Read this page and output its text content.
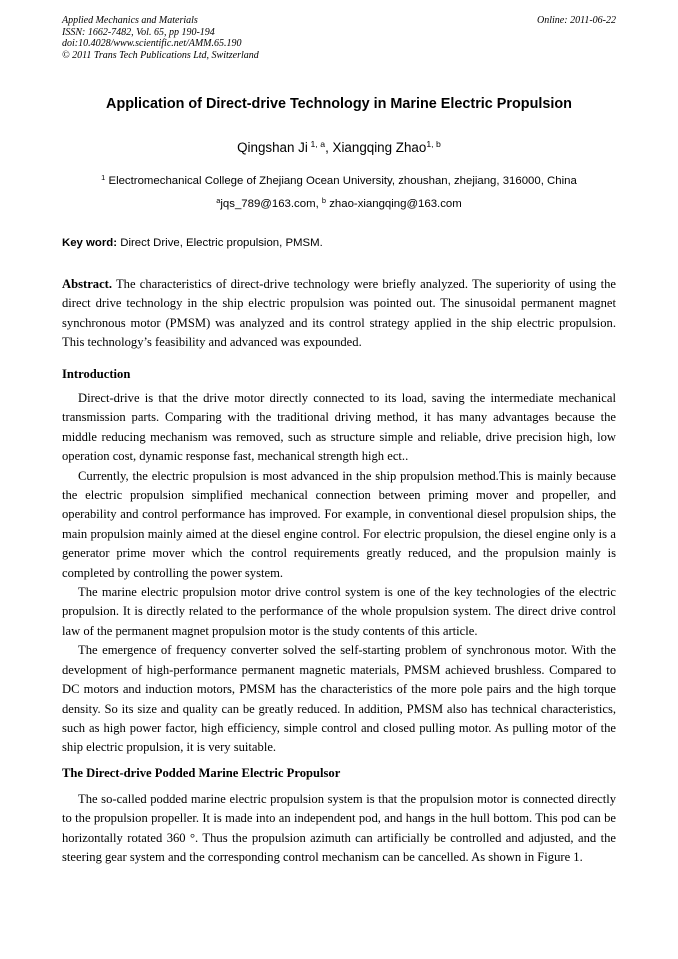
Applied Mechanics and Materials
ISSN: 1662-7482, Vol. 65, pp 190-194
doi:10.4028/www.scientific.net/AMM.65.190
© 2011 Trans Tech Publications Ltd, Switzerland
Online: 2011-06-22
Application of Direct-drive Technology in Marine Electric Propulsion
Qingshan Ji  $^{1, a}$, Xiangqing Zhao$^{1, b}$
$^1$ Electromechanical College of Zhejiang Ocean University, zhoushan, zhejiang, 316000, China
$^a$jqs_789@163.com, $^b$ zhao-xiangqing@163.com
Key word: Direct Drive, Electric propulsion, PMSM.

Abstract. The characteristics of direct-drive technology were briefly analyzed. The superiority of using the direct drive technology in the ship electric propulsion was pointed out. The sinusoidal permanent magnet synchronous motor (PMSM) was analyzed and its control strategy applied in the ship electric propulsion. This technology’s feasibility and advanced was expounded.

Introduction

Direct-drive is that the drive motor directly connected to its load, saving the intermediate mechanical transmission parts. Comparing with the traditional driving method, it has many advantages because the middle reducing mechanism was removed, such as structure simple and reliable, drive precision high, low operation cost, dynamic response fast, mechanical strength high ect..

Currently, the electric propulsion is most advanced in the ship propulsion method.This is mainly because the electric propulsion simplified mechanical connection between priming mover and propeller, and operability and control performance has improved. For example, in conventional diesel propulsion ships, the main propulsion mainly aimed at the diesel engine control. For electric propulsion, the diesel engine only is a generator prime mover which the control requirements greatly reduced, and the propulsion mainly is completed by controlling the power system.

The marine electric propulsion motor drive control system is one of the key technologies of the electric propulsion. It is directly related to the performance of the whole propulsion system. The direct drive control law of the permanent magnet propulsion motor is the study contents of this article.

The emergence of frequency converter solved the self-starting problem of synchronous motor. With the development of high-performance permanent magnetic materials, PMSM achieved brushless. Compared to DC motors and induction motors, PMSM has the characteristics of the more pole pairs and the high torque density. So its size and quality can be greatly reduced. In addition, PMSM also has technical characteristics, such as high power factor, high efficiency, simple control and closed pulling motor. As pulling motor of the ship electric propulsion, it is very suitable.

The Direct-drive Podded Marine Electric Propulsor

The so-called podded marine electric propulsion system is that the propulsion motor is connected directly to the propulsion propeller. It is made into an independent pod, and hangs in the hull bottom. This pod can be horizontally rotated 360 °. Thus the propulsion azimuth can artificially be controlled and adjusted, and the steering gear system and the corresponding control mechanism can be cancelled. As shown in Figure 1.
